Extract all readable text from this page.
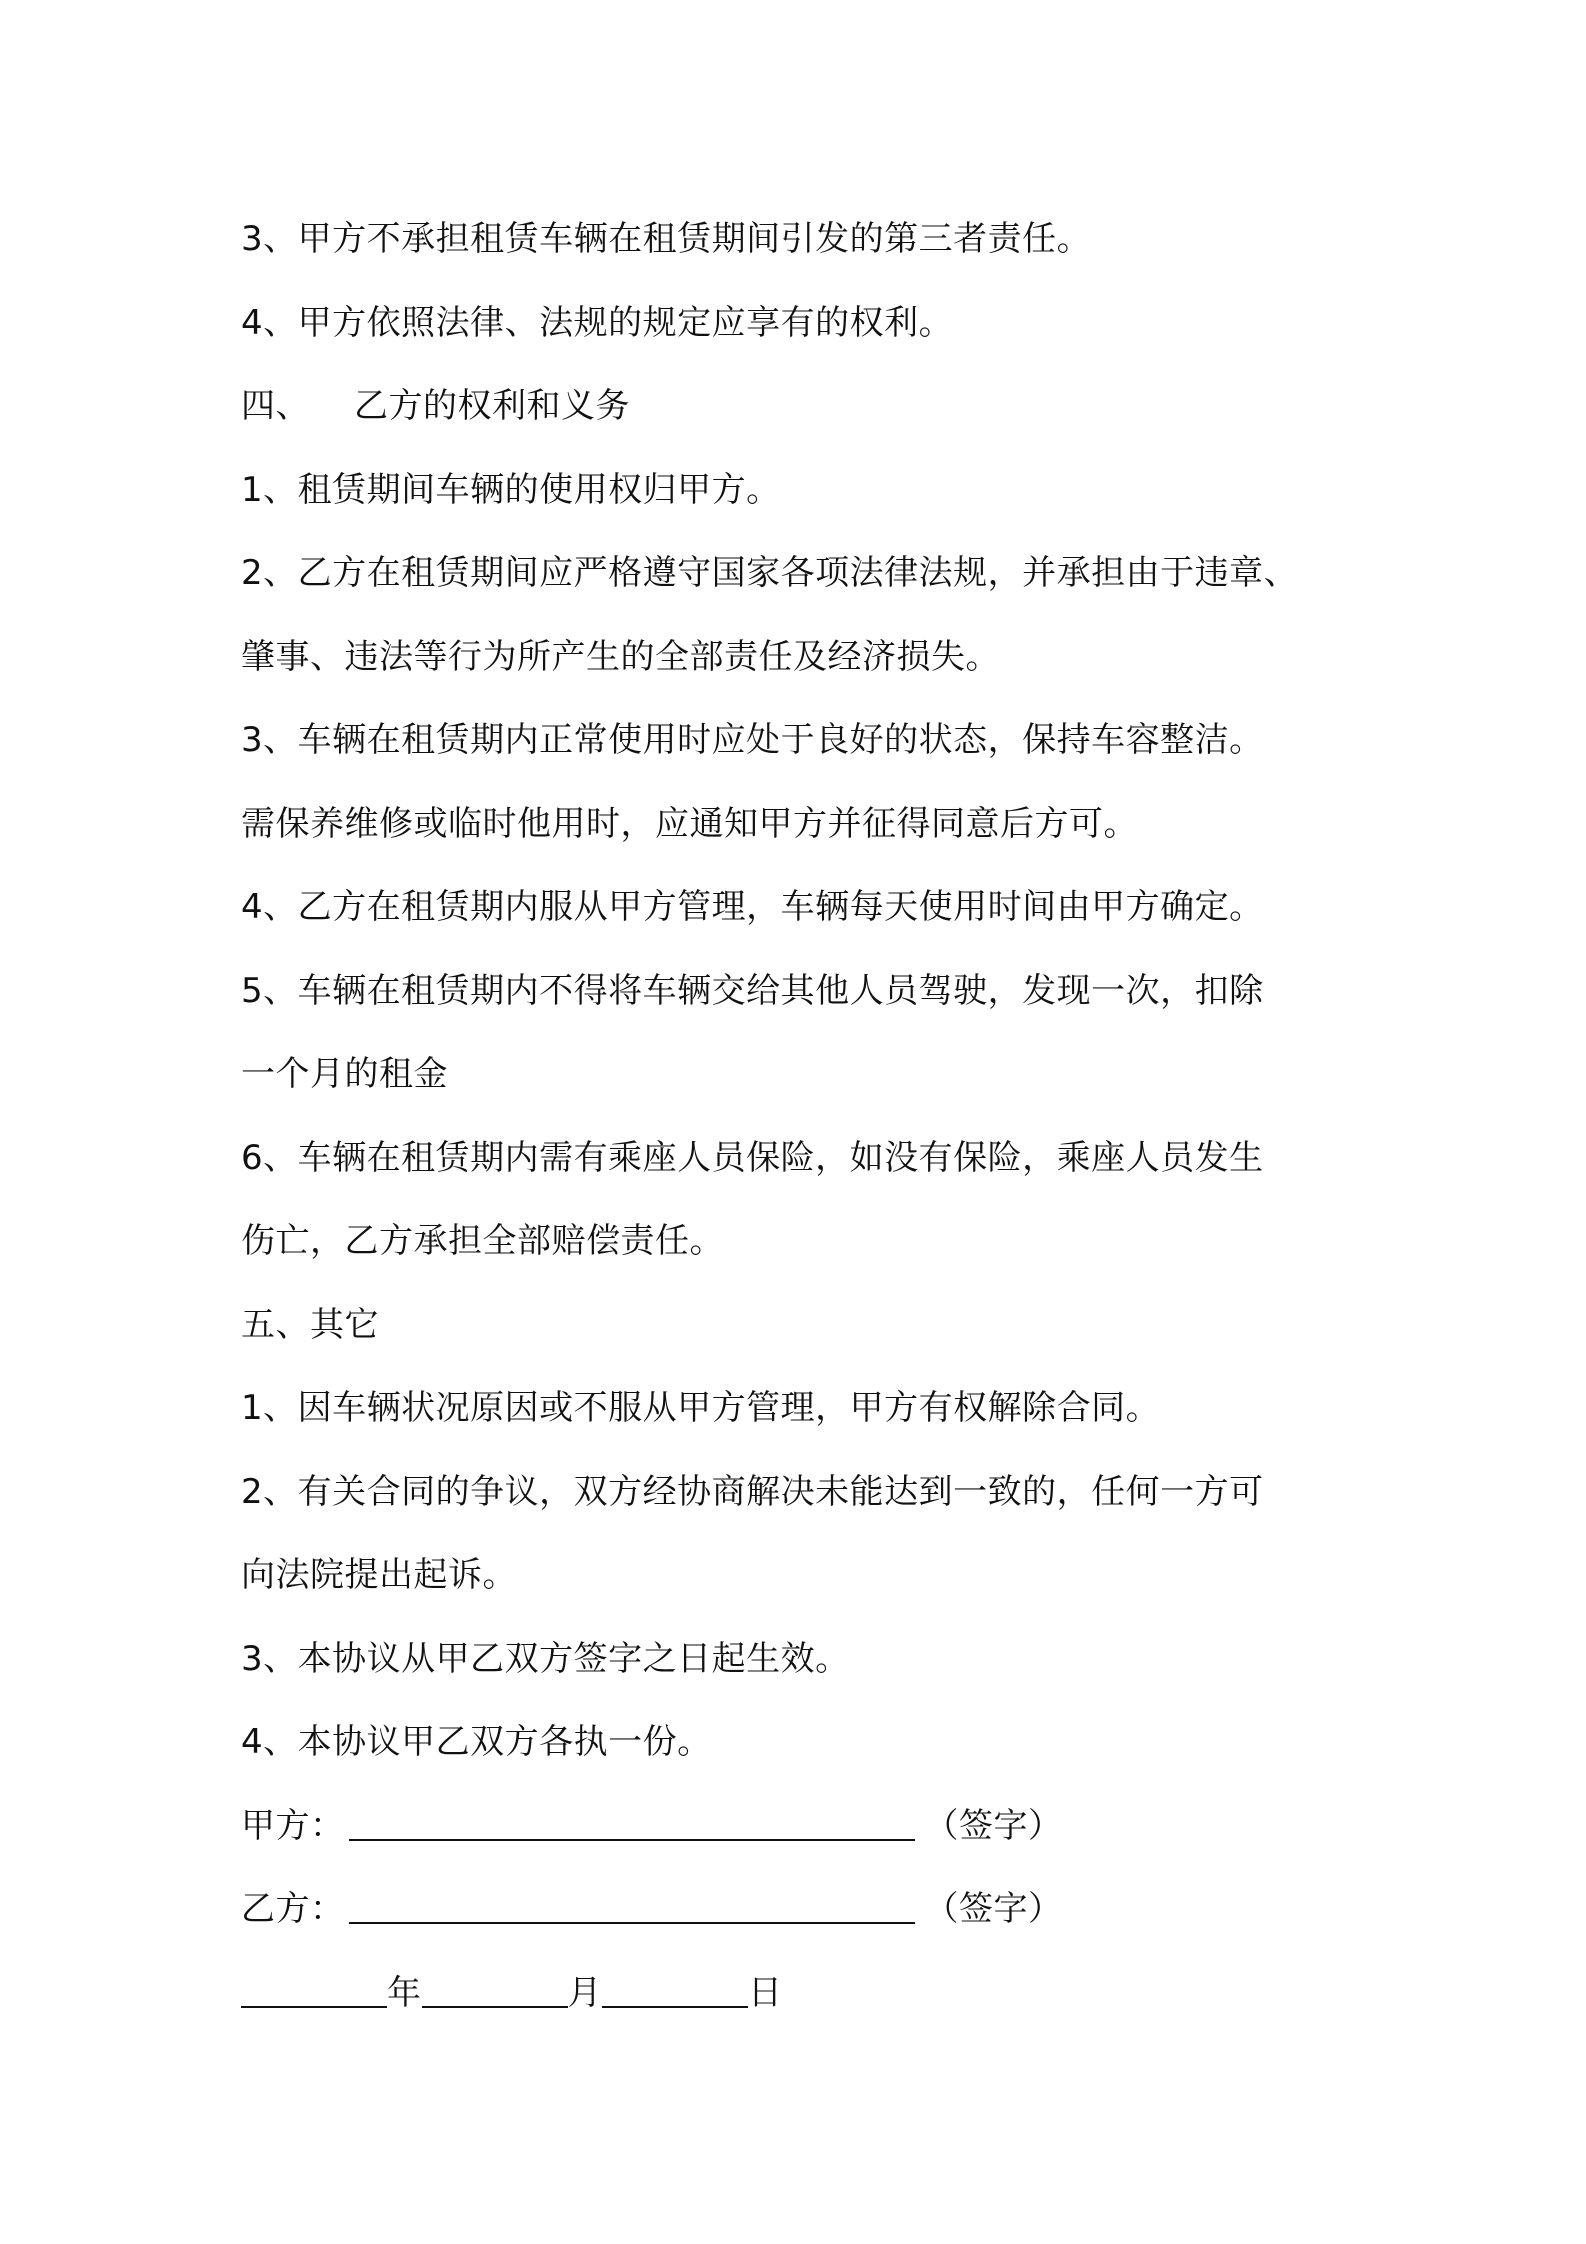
3、甲方不承担租赁车辆在租赁期间引发的第三者责任。
4、甲方依照法律、法规的规定应享有的权利。
四、 乙方的权利和义务
1、租赁期间车辆的使用权归甲方。
2、乙方在租赁期间应严格遵守国家各项法律法规，并承担由于违章、
肇事、违法等行为所产生的全部责任及经济损失。
3、车辆在租赁期内正常使用时应处于良好的状态，保持车容整洁。
需保养维修或临时他用时，应通知甲方并征得同意后方可。
4、乙方在租赁期内服从甲方管理，车辆每天使用时间由甲方确定。
5、车辆在租赁期内不得将车辆交给其他人员驾驶，发现一次，扣除
一个月的租金
6、车辆在租赁期内需有乘座人员保险，如没有保险，乘座人员发生
伤亡，乙方承担全部赔偿责任。
五、其它
1、因车辆状况原因或不服从甲方管理，甲方有权解除合同。
2、有关合同的争议，双方经协商解决未能达到一致的，任何一方可
向法院提出起诉。
3、本协议从甲乙双方签字之日起生效。
4、本协议甲乙双方各执一份。
甲方：	（签字）
乙方：	（签字）
年	月	日
